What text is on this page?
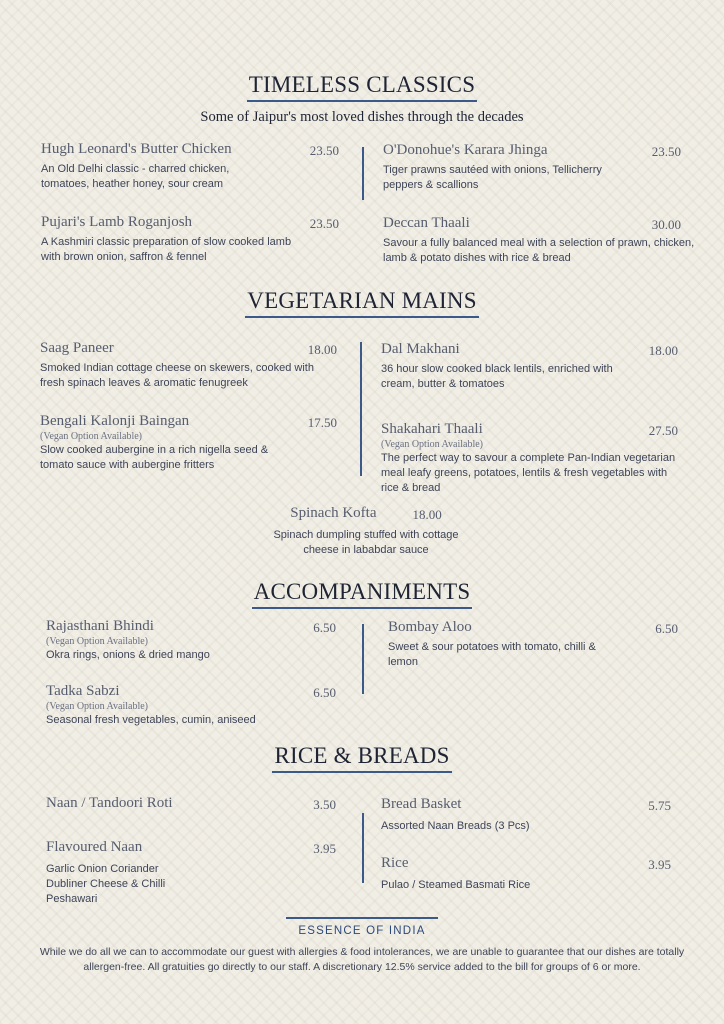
TIMELESS CLASSICS
Some of Jaipur's most loved dishes through the decades
Hugh Leonard's Butter Chicken	23.50
An Old Delhi classic - charred chicken, tomatoes, heather honey, sour cream
Pujari's Lamb Roganjosh	23.50
A Kashmiri classic preparation of slow cooked lamb with brown onion, saffron & fennel
O'Donohue's Karara Jhinga	23.50
Tiger prawns sautéed with onions, Tellicherry peppers & scallions
Deccan Thaali	30.00
Savour a fully balanced meal with a selection of prawn, chicken, lamb & potato dishes with rice & bread
VEGETARIAN MAINS
Saag Paneer	18.00
Smoked Indian cottage cheese on skewers, cooked with fresh spinach leaves & aromatic fenugreek
Bengali Kalonji Baingan	17.50
(Vegan Option Available)
Slow cooked aubergine in a rich nigella seed & tomato sauce with aubergine fritters
Dal Makhani	18.00
36 hour slow cooked black lentils, enriched with cream, butter & tomatoes
Shakahari Thaali	27.50
(Vegan Option Available)
The perfect way to savour a complete Pan-Indian vegetarian meal leafy greens, potatoes, lentils & fresh vegetables with rice & bread
Spinach Kofta	18.00
Spinach dumpling stuffed with cottage cheese in lababdar sauce
ACCOMPANIMENTS
Rajasthani Bhindi	6.50
(Vegan Option Available)
Okra rings, onions & dried mango
Tadka Sabzi	6.50
(Vegan Option Available)
Seasonal fresh vegetables, cumin, aniseed
Bombay Aloo	6.50
Sweet & sour potatoes with tomato, chilli & lemon
RICE & BREADS
Naan / Tandoori Roti	3.50
Flavoured Naan	3.95
Garlic Onion Coriander
Dubliner Cheese & Chilli
Peshawari
Bread Basket	5.75
Assorted Naan Breads (3 Pcs)
Rice	3.95
Pulao / Steamed Basmati Rice
ESSENCE OF INDIA
While we do all we can to accommodate our guest with allergies & food intolerances, we are unable to guarantee that our dishes are totally allergen-free. All gratuities go directly to our staff. A discretionary 12.5% service added to the bill for groups of 6 or more.
